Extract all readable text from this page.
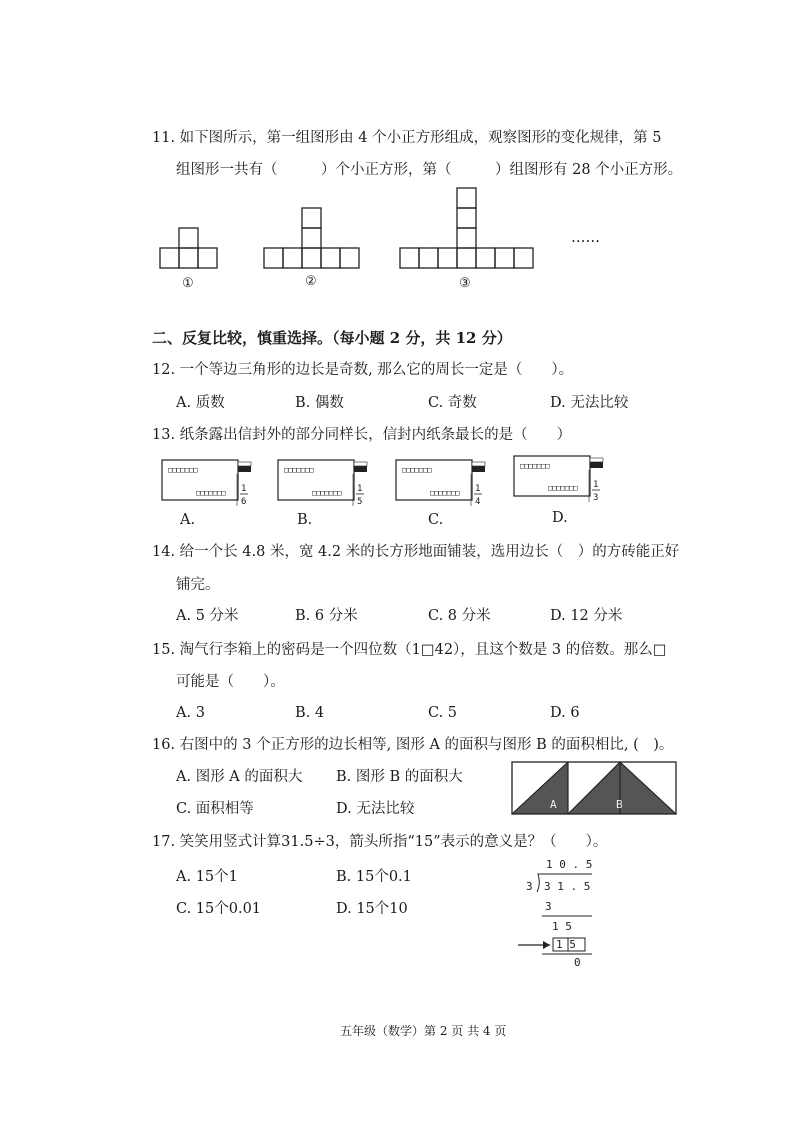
11. 如下图所示，第一组图形由 4 个小正方形组成，观察图形的变化规律，第 5
组图形一共有（　　　）个小正方形，第（　　　）组图形有 28 个小正方形。
①	②	③
……
二、反复比较，慎重选择。（每小题 2 分，共 12 分）
12. 一个等边三角形的边长是奇数, 那么它的周长一定是（　　）。
A. 质数	B. 偶数	C. 奇数	D. 无法比较
13. 纸条露出信封外的部分同样长，信封内纸条最长的是（　　）
□□□□□□□
□□□□□□□
□□□□□□□
□□□□□□□
□□□□□□□
□□□□□□□
□□□□□□□
□□□□□□□
1
6
1
5
1
4
1
3
A.	B.	C.	D.
14. 给一个长 4.8 米，宽 4.2 米的长方形地面铺装，选用边长（　）的方砖能正好
铺完。
A. 5 分米	B. 6 分米	C. 8 分米	D. 12 分米
15. 淘气行李箱上的密码是一个四位数（1□42），且这个数是 3 的倍数。那么□
可能是（　　）。
A. 3	B. 4	C. 5	D. 6
16. 右图中的 3 个正方形的边长相等, 图形 A 的面积与图形 B 的面积相比, (　)。
A. 图形 A 的面积大 B. 图形 B 的面积大
C. 面积相等	D. 无法比较	A	B
17. 笑笑用竖式计算31.5÷3，箭头所指“15”表示的意义是？（　　）。
A. 15个1	B. 15个0.1
C. 15个0.01	D. 15个10
1 0 . 5
3 3 1 . 5
3
1 5
1 5
0
五年级（数学）第 2 页 共 4 页
